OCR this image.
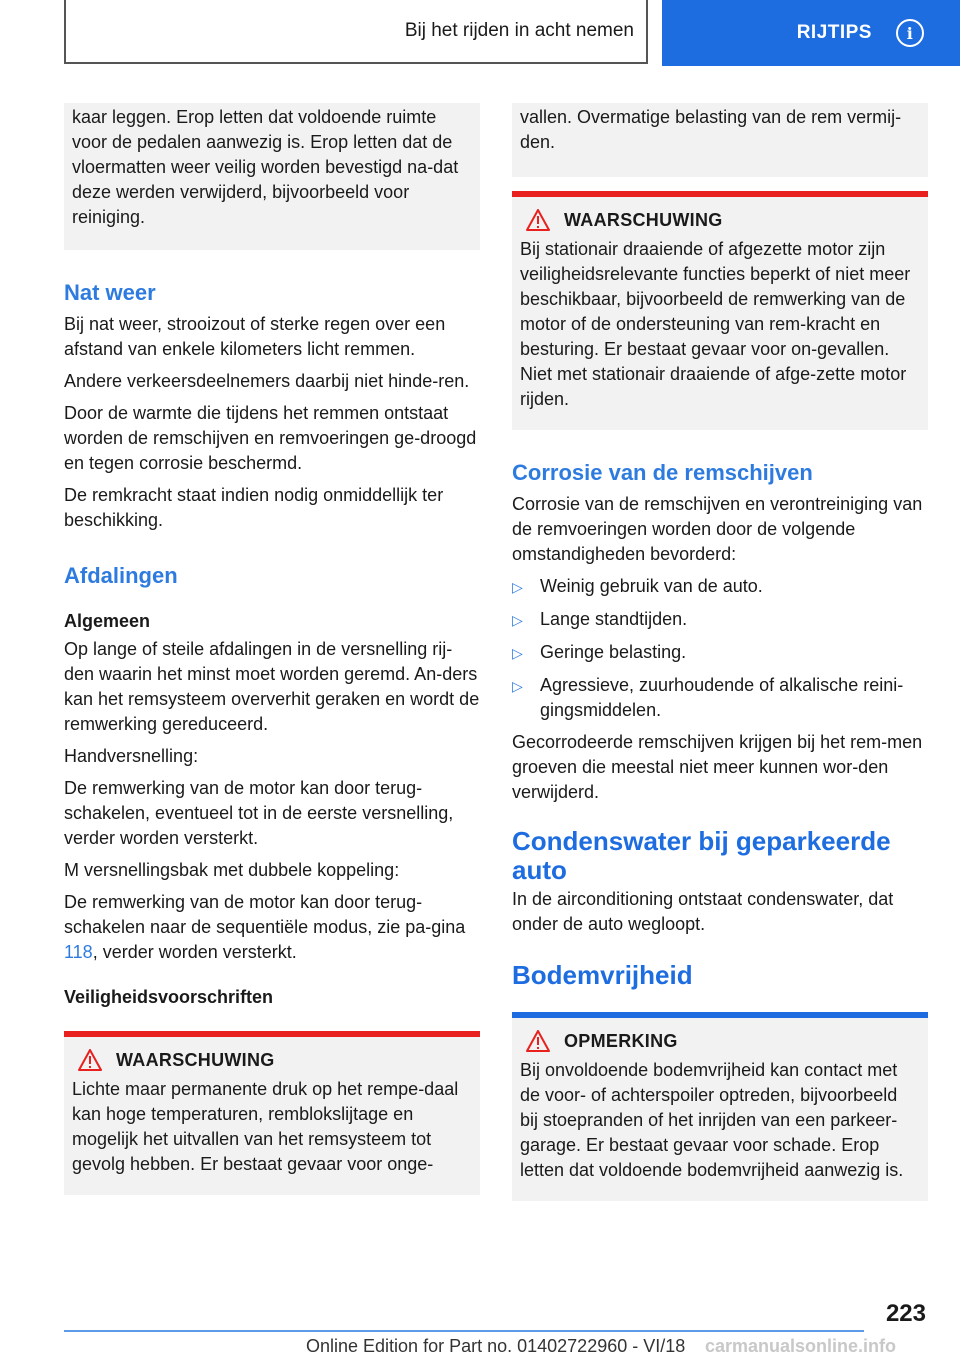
Bij het rijden in acht nemen	RIJTIPS	i

kaar leggen. Erop letten dat voldoende ruimte voor de pedalen aanwezig is. Erop letten dat de vloermatten weer veilig worden bevestigd na‐dat deze werden verwijderd, bijvoorbeeld voor reiniging.

Nat weer

Bij nat weer, strooizout of sterke regen over een afstand van enkele kilometers licht remmen.

Andere verkeersdeelnemers daarbij niet hinde‐ren.

Door de warmte die tijdens het remmen ontstaat worden de remschijven en remvoeringen ge‐droogd en tegen corrosie beschermd.

De remkracht staat indien nodig onmiddellijk ter beschikking.

Afdalingen
Algemeen

Op lange of steile afdalingen in de versnelling rij‐den waarin het minst moet worden geremd. An‐ders kan het remsysteem oververhit geraken en wordt de remwerking gereduceerd.

Handversnelling:

De remwerking van de motor kan door terug‐schakelen, eventueel tot in de eerste versnelling, verder worden versterkt.

M versnellingsbak met dubbele koppeling:

De remwerking van de motor kan door terug‐schakelen naar de sequentiële modus, zie pa‐gina 118, verder worden versterkt.

Veiligheidsvoorschriften
WAARSCHUWING

Lichte maar permanente druk op het rempe‐daal kan hoge temperaturen, remblokslijtage en mogelijk het uitvallen van het remsysteem tot gevolg hebben. Er bestaat gevaar voor onge‐

vallen. Overmatige belasting van de rem vermij‐den.

WAARSCHUWING

Bij stationair draaiende of afgezette motor zijn veiligheidsrelevante functies beperkt of niet meer beschikbaar, bijvoorbeeld de remwerking van de motor of de ondersteuning van rem‐kracht en besturing. Er bestaat gevaar voor on‐gevallen. Niet met stationair draaiende of afge‐zette motor rijden.

Corrosie van de remschijven

Corrosie van de remschijven en verontreiniging van de remvoeringen worden door de volgende omstandigheden bevorderd:

▷ Weinig gebruik van de auto.
▷ Lange standtijden.
▷ Geringe belasting.
▷ Agressieve, zuurhoudende of alkalische reini‐gingsmiddelen.

Gecorrodeerde remschijven krijgen bij het rem‐men groeven die meestal niet meer kunnen wor‐den verwijderd.

Condenswater bij geparkeerde auto

In de airconditioning ontstaat condenswater, dat onder de auto wegloopt.

Bodemvrijheid
OPMERKING

Bij onvoldoende bodemvrijheid kan contact met de voor- of achterspoiler optreden, bijvoorbeeld bij stoepranden of het inrijden van een parkeer‐garage. Er bestaat gevaar voor schade. Erop letten dat voldoende bodemvrijheid aanwezig is.

223
Online Edition for Part no. 01402722960 - VI/18 carmanualsonline.info
